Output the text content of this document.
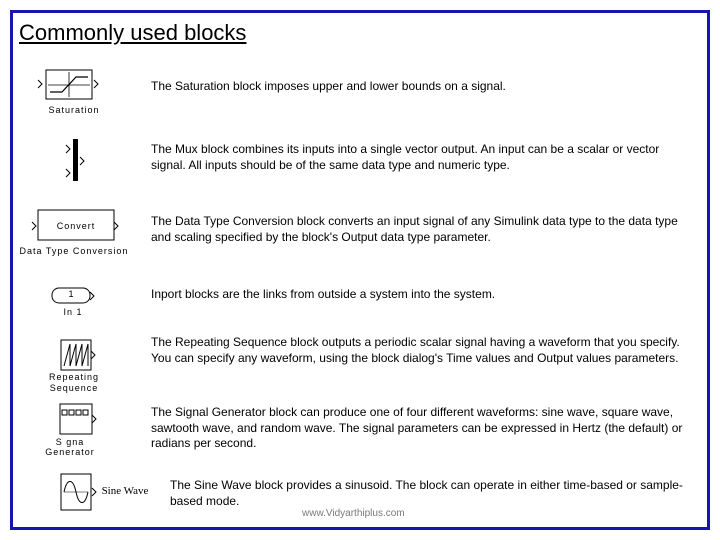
Commonly used blocks
Saturation
The Saturation block imposes upper and lower bounds on a signal.
The Mux block combines its inputs into a single vector output. An input can be a scalar or vector signal. All inputs should be of the same data type and numeric type.
Convert
Data Type Conversion
The Data Type Conversion block converts an input signal of any Simulink data type to the data type and scaling specified by the block's Output data type parameter.
1
In 1
Inport blocks are the links from outside a system into the system.
Repeating
Sequence
The Repeating Sequence block outputs a periodic scalar signal having a waveform that you specify. You can specify any waveform, using the block dialog's Time values and Output values parameters.
S gna
Generator
The Signal Generator block can produce one of four different waveforms: sine wave, square wave, sawtooth wave, and random wave. The signal parameters can be expressed in Hertz (the default) or radians per second.
Sine Wave The Sine Wave block provides a sinusoid. The block can operate in either time-based or sample-based mode.
www.Vidyarthiplus.com
